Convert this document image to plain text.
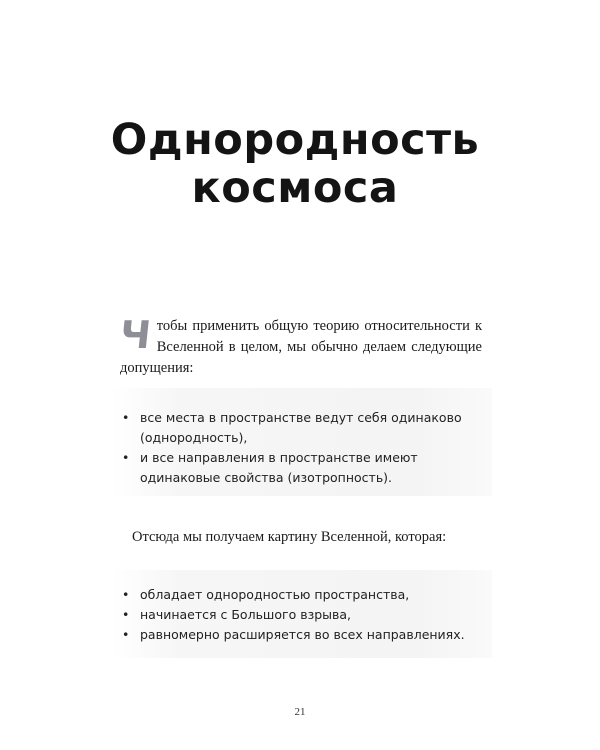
Однородность
космоса

Чтобы применить общую теорию относительности к Вселенной в целом, мы обычно делаем следующие допущения:

• все места в пространстве ведут себя одинаково (однородность),
• и все направления в пространстве имеют одинаковые свойства (изотропность).

Отсюда мы получаем картину Вселенной, которая:

• обладает однородностью пространства,
• начинается с Большого взрыва,
• равномерно расширяется во всех направлениях.
21
